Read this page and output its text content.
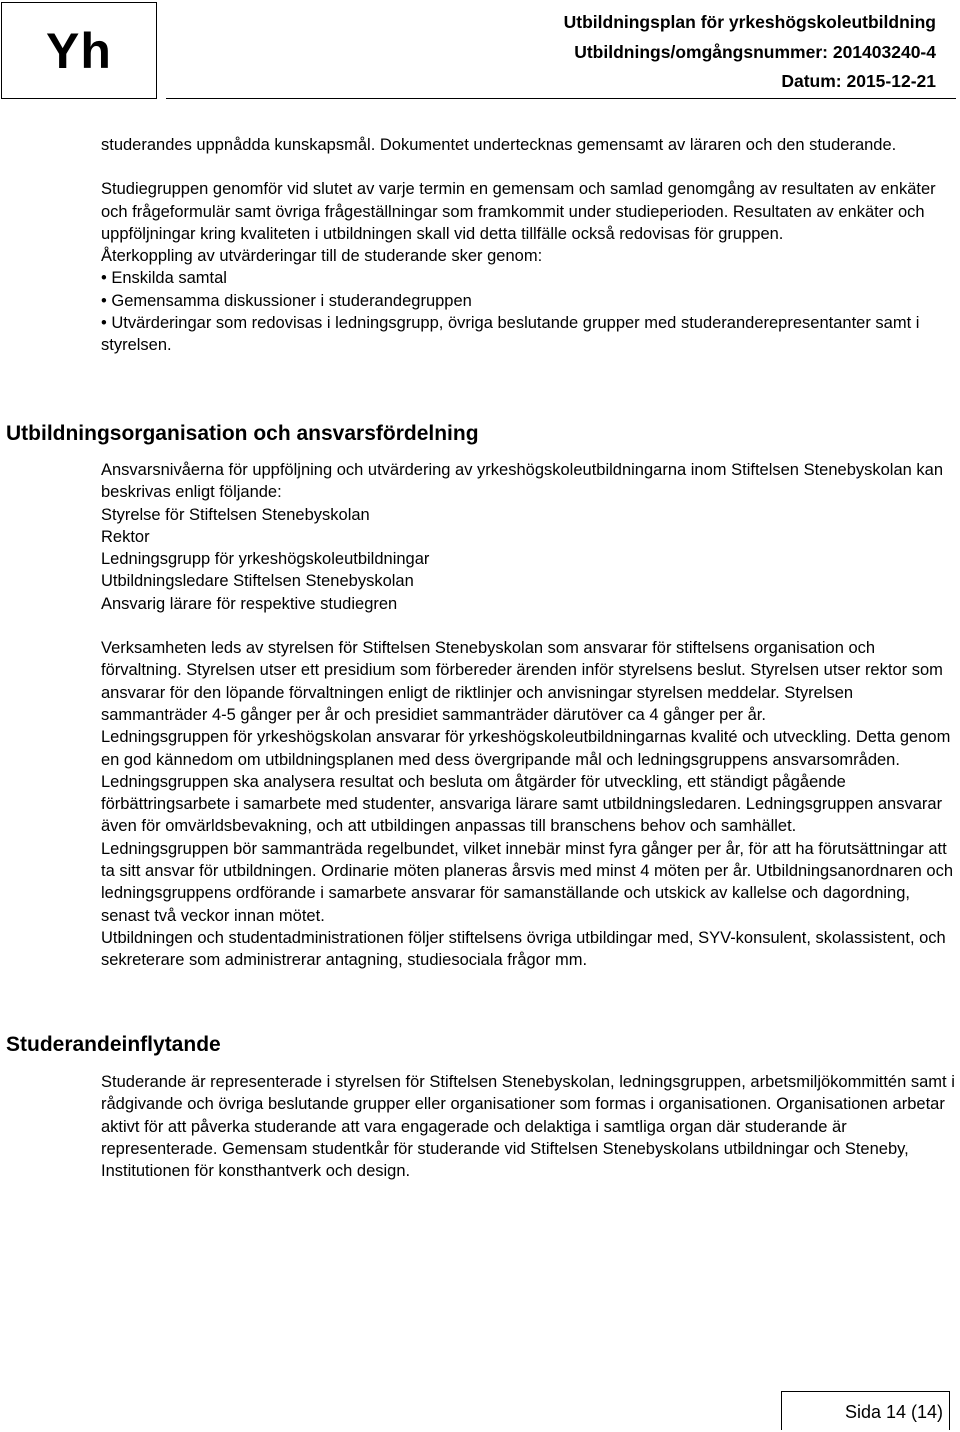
Yh
Utbildningsplan för yrkeshögskoleutbildning
Utbildnings/omgångsnummer: 201403240-4
Datum: 2015-12-21

studerandes uppnådda kunskapsmål. Dokumentet undertecknas gemensamt av läraren och den studerande.

Studiegruppen genomför vid slutet av varje termin en gemensam och samlad genomgång av resultaten av enkäter och frågeformulär samt övriga frågeställningar som framkommit under studieperioden. Resultaten av enkäter och uppföljningar kring kvaliteten i utbildningen skall vid detta tillfälle också redovisas för gruppen.

Återkoppling av utvärderingar till de studerande sker genom:

• Enskilda samtal

• Gemensamma diskussioner i studerandegruppen

• Utvärderingar som redovisas i ledningsgrupp, övriga beslutande grupper med studeranderepresentanter samt i styrelsen.

Utbildningsorganisation och ansvarsfördelning

Ansvarsnivåerna för uppföljning och utvärdering av yrkeshögskoleutbildningarna inom Stiftelsen Stenebyskolan kan beskrivas enligt följande:

Styrelse för Stiftelsen Stenebyskolan

Rektor

Ledningsgrupp för yrkeshögskoleutbildningar

Utbildningsledare Stiftelsen Stenebyskolan

Ansvarig lärare för respektive studiegren

Verksamheten leds av styrelsen för Stiftelsen Stenebyskolan som ansvarar för stiftelsens organisation och förvaltning. Styrelsen utser ett presidium som förbereder ärenden inför styrelsens beslut. Styrelsen utser rektor som ansvarar för den löpande förvaltningen enligt de riktlinjer och anvisningar styrelsen meddelar. Styrelsen sammanträder 4-5 gånger per år och presidiet sammanträder därutöver ca 4 gånger per år.

Ledningsgruppen för yrkeshögskolan ansvarar för yrkeshögskoleutbildningarnas kvalité och utveckling. Detta genom en god kännedom om utbildningsplanen med dess övergripande mål och ledningsgruppens ansvarsområden. Ledningsgruppen ska analysera resultat och besluta om åtgärder för utveckling, ett ständigt pågående förbättringsarbete i samarbete med studenter, ansvariga lärare samt utbildningsledaren. Ledningsgruppen ansvarar även för omvärldsbevakning, och att utbildingen anpassas till branschens behov och samhället.

Ledningsgruppen bör sammanträda regelbundet, vilket innebär minst fyra gånger per år, för att ha förutsättningar att ta sitt ansvar för utbildningen. Ordinarie möten planeras årsvis med minst 4 möten per år. Utbildningsanordnaren och ledningsgruppens ordförande i samarbete ansvarar för samanställande och utskick av kallelse och dagordning, senast två veckor innan mötet.

Utbildningen och studentadministrationen följer stiftelsens övriga utbildingar med, SYV-konsulent, skolassistent, och sekreterare som administrerar antagning, studiesociala frågor mm.

Studerandeinflytande

Studerande är representerade i styrelsen för Stiftelsen Stenebyskolan, ledningsgruppen, arbetsmiljökommittén samt i rådgivande och övriga beslutande grupper eller organisationer som formas i organisationen. Organisationen arbetar aktivt för att påverka studerande att vara engagerade och delaktiga i samtliga organ där studerande är representerade. Gemensam studentkår för studerande vid Stiftelsen Stenebyskolans utbildningar och Steneby, Institutionen för konsthantverk och design.

Sida 14 (14)
